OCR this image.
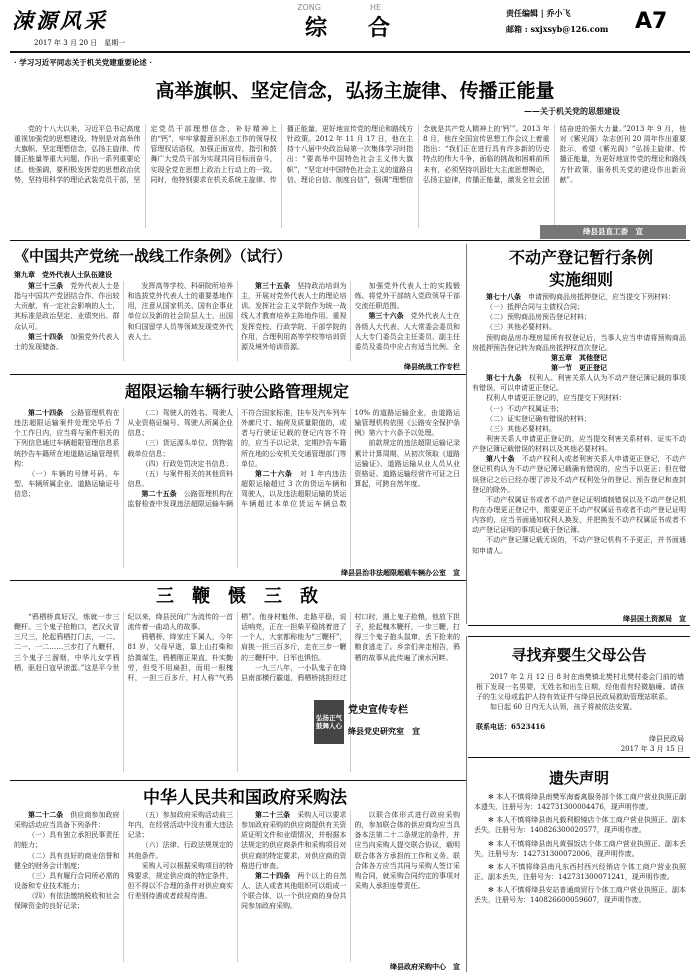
涑源风采
2017 年 3 月 20 日　星期一
ZONG	HE
综 合
责任编辑 | 乔小飞
邮箱 : sxjxsyb@126.com A7
· 学习习近平同志关于机关党建重要论述 ·
高举旗帜、坚定信念，弘扬主旋律、传播正能量
——关于机关党的思想建设

党的十八大以来，习近平总书记高度重视加强党的思想建设，特别是对高举伟大旗帜、坚定理想信念，弘扬主旋律、传播正能量等重大问题，作出一系列重要论述。他强调，要积极发挥党的思想政治优势，坚持用科学的理论武装党员干部，坚定党员干部理想信念，补好精神上的“钙”，牢牢掌握意识形态工作的领导权管理权话语权，加强正面宣传，指引和鼓舞广大党员干部为实现共同目标而奋斗，实现全党在思想上政治上行动上的一致。同时，他特别要求在机关系统主旋律、传播正能量，更好地宣传党的理论和路线方针政策。2012 年 11 月 17 日，他在主持十八届中央政治局第一次集体学习时指出：“要高举中国特色社会主义伟大旗帜”，“坚定对中国特色社会主义的道路自信、理论自信、制度自信”，强调“理想信念就是共产党人精神上的‘钙’”。2013 年 8 月，他在全国宣传思想工作会议上着重指出：“我们正在进行具有许多新的历史特点的伟大斗争，面临的挑战和困难前所未有，必须坚持巩固壮大主流思想舆论，弘扬主旋律，传播正能量，激发全社会团结奋进的强大力量。”2013 年 9 月，他对《紫光阁》杂志创刊 20 周年作出重要批示，希望《紫光阁》“弘扬主旋律、传播正能量，为更好地宣传党的理论和路线方针政策、服务机关党的建设作出新贡献”。

绛县县直工委　宣
《中国共产党统一战线工作条例》（试行）
第九章　党外代表人士队伍建设

第三十三条　党外代表人士是指与中国共产党团结合作、作出较大贡献、有一定社会影响的人士，其标准是政治坚定、业绩突出、群众认可。

第三十四条　加强党外代表人士的发现储备。

发挥高等学校、科研院所培养和选拔党外代表人士的重要基地作用，注意从国家机关、国有企事业单位以及新的社会阶层人士、出国和归国留学人员等领域发现党外代表人士。

第三十五条　坚持政治培训为主，开展对党外代表人士的理论培训。发挥社会主义学院作为统一战线人才教育培养主阵地作用。重视发挥党校、行政学院、干部学院的作用，合理利用高等学校等培训资源及境外培训资源。

加强党外代表人士的实践锻炼。将党外干部纳入党政领导干部交流任职范围。

第三十六条　党外代表人士在各级人大代表、人大常委会委员和人大专门委员会主任委员、副主任委员及委员中应占有适当比例。全

绛县统战工作专栏
不动产登记暂行条例
实施细则

第七十八条　申请预购商品房抵押登记，应当提交下列材料：

（一）抵押合同与主债权合同；

（二）预购商品房预告登记材料；

（三）其他必要材料。

预购商品房办理房屋所有权登记后，当事人应当申请将预购商品房抵押预告登记转为商品房抵押权首次登记。

第五章　其他登记

第一节　更正登记

第七十九条　权利人、利害关系人认为不动产登记簿记载的事项有错误，可以申请更正登记。

权利人申请更正登记的，应当提交下列材料：

（一）不动产权属证书；

（二）证实登记确有错误的材料；

（三）其他必要材料。

利害关系人申请更正登记的，应当提交利害关系材料、证实不动产登记簿记载错误的材料以及其他必要材料。

第八十条　不动产权利人或者利害关系人申请更正登记，不动产登记机构认为不动产登记簿记载确有错误的，应当予以更正；但在错误登记之后已经办理了涉及不动产权利处分的登记、预告登记和查封登记的除外。

不动产权属证书或者不动产登记证明填制错误以及不动产登记机构在办理更正登记中，需要更正不动产权属证书或者不动产登记证明内容的，应当书面通知权利人换发，并把换发不动产权属证书或者不动产登记证明的事项记载于登记簿。

不动产登记簿记载无误的，不动产登记机构不予更正，并书面通知申请人。

绛县国土资源局　宣
超限运输车辆行驶公路管理规定

第二十四条　公路管理机构在违法超限运输案件处理完毕后 7 个工作日内，应当将与案件相关的下列信息通过车辆超限管理信息系统抄告车籍所在地道路运输管理机构：

（一）车辆的号牌号码、车型、车辆所属企业、道路运输证号信息；

（二）驾驶人的姓名、驾驶人从业资格证编号、驾驶人所属企业信息；

（三）货运源头单位、货物装载单位信息；

（四）行政处罚决定书信息；

（五）与案件相关的其他资料信息。

第二十五条　公路管理机构在监督检查中发现违法超限运输车辆不符合国家标准，挂车及汽车列车外廓尺寸、轴荷及质量限值的，或者与行驶证记载的登记内容不符的，应当予以记录，定期抄告车籍所在地的公安机关交通管理部门等单位。

第二十六条　对 1 年内违法超限运输超过 3 次的货运车辆和驾驶人，以及违法超限运输的货运车辆超过本单位货运车辆总数 10% 的道路运输企业，由道路运输管理机构依照《公路安全保护条例》第六十六条予以处理。

前款规定的违法超限运输记录累计计算周期，从初次领取《道路运输证》、道路运输从业人员从业资格证、道路运输经营许可证之日算起，可跨自然年度。

绛县县治非法超限超载车辆办公室　宣
三　鞭　慑　三　敌

“鸦栖桥真好汉，炼就一步三鞭杆。三个鬼子抢粮口，老汉火冒三尺三，抡起鸦栖打门去，一二、二一、一二……三步打了九鞭杆，三个鬼子三溜烟，中华儿女学鸦栖，驱赶日寇早滚蛋。”这是平今世纪以来，绛县民间广为流传的一首流传着一曲动人的故事。

鸦栖桥，绛家庄下属人，今年 81 岁，父母早逝，靠上山打柴和拾粪谋生，鸦栖刚正果直，朴实勤劳，但受不用扁担，而用一根槐杆，一担三百多斤，村人称“气鸦栖”。他身材魁伟、走路平稳，说话响亮，正在一担柴平稳挑着进了一个人，大家都称他为“三鞭杆”，肩挑一担三百多斤，走在三步一鞭的三鞭杆中，日军也惧怕。

一九三八年，一小队鬼子在绛县南部横行霸道，鸦栖桥挑担经过村口时，遇上鬼子抢粮，他放下担子，抡起槐木鞭杆，一步三鞭，打得三个鬼子抱头鼠窜，丢下抢来的粮食逃走了。乡亲们奔走相告，鸦栖的故事从此传遍了涑水河畔。

弘扬正气
鼓舞人心
党史宣传专栏
绛县党史研究室　宣
寻找弃婴生父母公告

2017 年 2 月 12 日 8 时在南樊镇北樊村北樊村委会门前的墙根下发现一名男婴，无姓名和出生日期，经他看有轻微脑瘫。请孩子的生父母或监护人持有效证件与绛县民政局救助管理站联系。

如日起 60 日内无人认领，孩子将被依法安置。

联系电话：6523416
绛县民政局
2017 年 3 月 15 日
遗失声明

✻ 本人不慎将绛县南樊军海畜禽服务部个体工商户营业执照正副本遗失，注册号为：142731300004476，现声明作废。

✻ 本人不慎将绛县南凡毅利眼镜店个体工商户营业执照正、副本丢失，注册号为：140826300020577，现声明作废。

✻ 本人不慎将绛县南凡黄强饭店个体工商户营业执照正、副本丢失，注册号为：142731300072006，现声明作废。

✻ 本人不慎将绛县南凡东西村西兴经销店个体工商户营业执照正、副本丢失，注册号为：142731300071241，现声明作废。

✻ 本人不慎将绛县安站普通商贸行个体工商户营业执照正、副本丢失，注册号为：140826600059607，现声明作废。

中华人民共和国政府采购法

第二十二条　供应商参加政府采购活动应当具备下列条件：

（一）具有独立承担民事责任的能力；

（二）具有良好的商业信誉和健全的财务会计制度；

（三）具有履行合同所必需的设备和专业技术能力；

（四）有依法缴纳税收和社会保障资金的良好记录；

（五）参加政府采购活动前三年内，在经营活动中没有重大违法记录；

（六）法律、行政法规规定的其他条件。

采购人可以根据采购项目的特殊要求，规定供应商的特定条件，但不得以不合理的条件对供应商实行差别待遇或者歧视待遇。

第二十三条　采购人可以要求参加政府采购的供应商提供有关资质证明文件和业绩情况，并根据本法规定的供应商条件和采购项目对供应商的特定要求，对供应商的资格进行审查。

第二十四条　两个以上的自然人、法人或者其他组织可以组成一个联合体，以一个供应商的身份共同参加政府采购。

以联合体形式进行政府采购的，参加联合体的供应商均应当具备本法第二十二条规定的条件，并应当向采购人提交联合协议，载明联合体各方承担的工作和义务。联合体各方应当共同与采购人签订采购合同，就采购合同约定的事项对采购人承担连带责任。

绛县政府采购中心　宣
